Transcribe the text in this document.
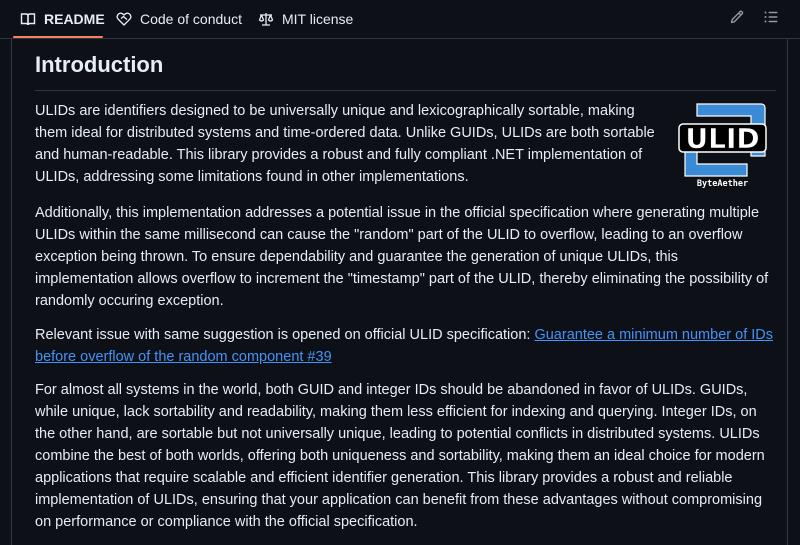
README	Code of conduct	MIT license
Introduction
ULID
ByteAether

ULIDs are identifiers designed to be universally unique and lexicographically sortable, making them ideal for distributed systems and time-ordered data. Unlike GUIDs, ULIDs are both sortable and human-readable. This library provides a robust and fully compliant .NET implementation of ULIDs, addressing some limitations found in other implementations.

Additionally, this implementation addresses a potential issue in the official specification where generating multiple ULIDs within the same millisecond can cause the "random" part of the ULID to overflow, leading to an overflow exception being thrown. To ensure dependability and guarantee the generation of unique ULIDs, this implementation allows overflow to increment the "timestamp" part of the ULID, thereby eliminating the possibility of randomly occuring exception.

Relevant issue with same suggestion is opened on official ULID specification: Guarantee a minimum number of IDs before overflow of the random component #39

For almost all systems in the world, both GUID and integer IDs should be abandoned in favor of ULIDs. GUIDs, while unique, lack sortability and readability, making them less efficient for indexing and querying. Integer IDs, on the other hand, are sortable but not universally unique, leading to potential conflicts in distributed systems. ULIDs combine the best of both worlds, offering both uniqueness and sortability, making them an ideal choice for modern applications that require scalable and efficient identifier generation. This library provides a robust and reliable implementation of ULIDs, ensuring that your application can benefit from these advantages without compromising on performance or compliance with the official specification.
